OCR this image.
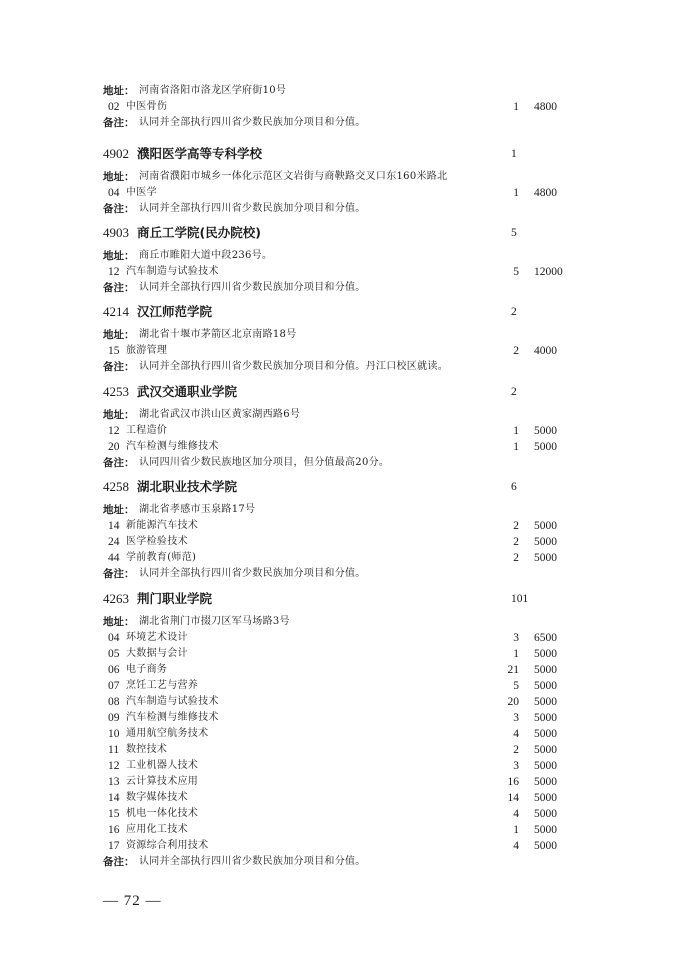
地址： 河南省洛阳市洛龙区学府街10号
02 中医骨伤	1 4800
备注： 认同并全部执行四川省少数民族加分项目和分值。
4902 濮阳医学高等专科学校	1
地址： 河南省濮阳市城乡一体化示范区文岩街与商鞅路交叉口东160米路北
04 中医学	1 4800
备注： 认同并全部执行四川省少数民族加分项目和分值。
4903 商丘工学院(民办院校)	5
地址： 商丘市睢阳大道中段236号。
12 汽车制造与试验技术	5 12000
备注： 认同并全部执行四川省少数民族加分项目和分值。
4214 汉江师范学院	2
地址： 湖北省十堰市茅箭区北京南路18号
15 旅游管理	2 4000
备注： 认同并全部执行四川省少数民族加分项目和分值。丹江口校区就读。
4253 武汉交通职业学院	2
地址： 湖北省武汉市洪山区黄家湖西路6号
12 工程造价	1 5000
20 汽车检测与维修技术	1 5000
备注： 认同四川省少数民族地区加分项目，但分值最高20分。
4258 湖北职业技术学院	6
地址： 湖北省孝感市玉泉路17号
14 新能源汽车技术	2 5000
24 医学检验技术	2 5000
44 学前教育(师范)	2 5000
备注： 认同并全部执行四川省少数民族加分项目和分值。
4263 荆门职业学院	101
地址： 湖北省荆门市掇刀区军马场路3号
04 环境艺术设计	3 6500
05 大数据与会计	1 5000
06 电子商务	21 5000
07 烹饪工艺与营养	5 5000
08 汽车制造与试验技术	20 5000
09 汽车检测与维修技术	3 5000
10 通用航空航务技术	4 5000
11 数控技术	2 5000
12 工业机器人技术	3 5000
13 云计算技术应用	16 5000
14 数字媒体技术	14 5000
15 机电一体化技术	4 5000
16 应用化工技术	1 5000
17 资源综合利用技术	4 5000
备注： 认同并全部执行四川省少数民族加分项目和分值。
— 72 —
